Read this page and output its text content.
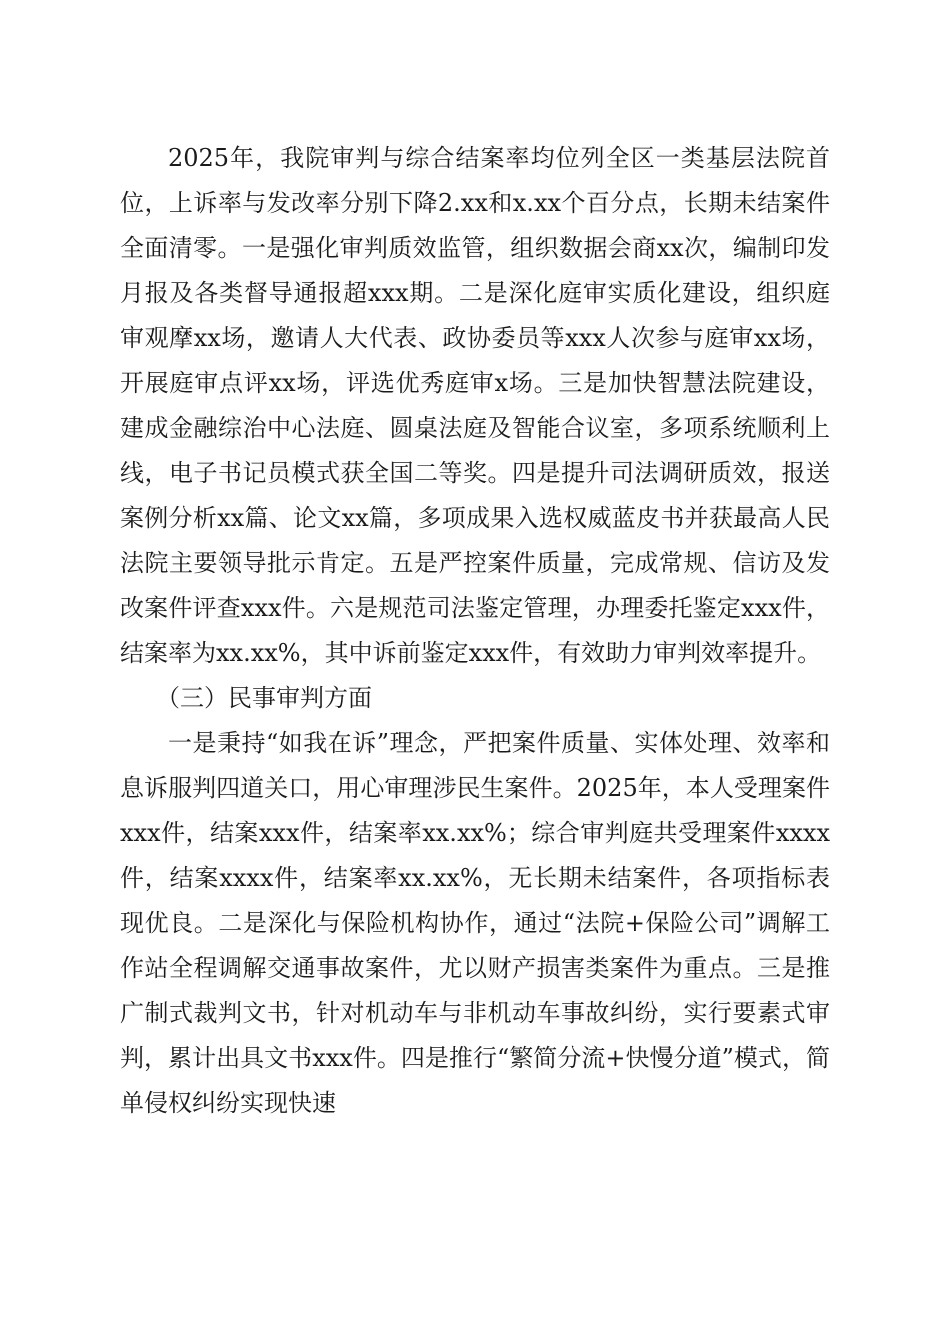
2025年，我院审判与综合结案率均位列全区一类基层法院首位，上诉率与发改率分别下降2.xx和x.xx个百分点，长期未结案件全面清零。一是强化审判质效监管，组织数据会商xx次，编制印发月报及各类督导通报超xxx期。二是深化庭审实质化建设，组织庭审观摩xx场，邀请人大代表、政协委员等xxx人次参与庭审xx场，开展庭审点评xx场，评选优秀庭审x场。三是加快智慧法院建设，建成金融综治中心法庭、圆桌法庭及智能合议室，多项系统顺利上线，电子书记员模式获全国二等奖。四是提升司法调研质效，报送案例分析xx篇、论文xx篇，多项成果入选权威蓝皮书并获最高人民法院主要领导批示肯定。五是严控案件质量，完成常规、信访及发改案件评查xxx件。六是规范司法鉴定管理，办理委托鉴定xxx件，结案率为xx.xx%，其中诉前鉴定xxx件，有效助力审判效率提升。

（三）民事审判方面

一是秉持“如我在诉”理念，严把案件质量、实体处理、效率和息诉服判四道关口，用心审理涉民生案件。2025年，本人受理案件xxx件，结案xxx件，结案率xx.xx%；综合审判庭共受理案件xxxx件，结案xxxx件，结案率xx.xx%，无长期未结案件，各项指标表现优良。二是深化与保险机构协作，通过“法院+保险公司”调解工作站全程调解交通事故案件，尤以财产损害类案件为重点。三是推广制式裁判文书，针对机动车与非机动车事故纠纷，实行要素式审判，累计出具文书xxx件。四是推行“繁简分流+快慢分道”模式，简单侵权纠纷实现快速
